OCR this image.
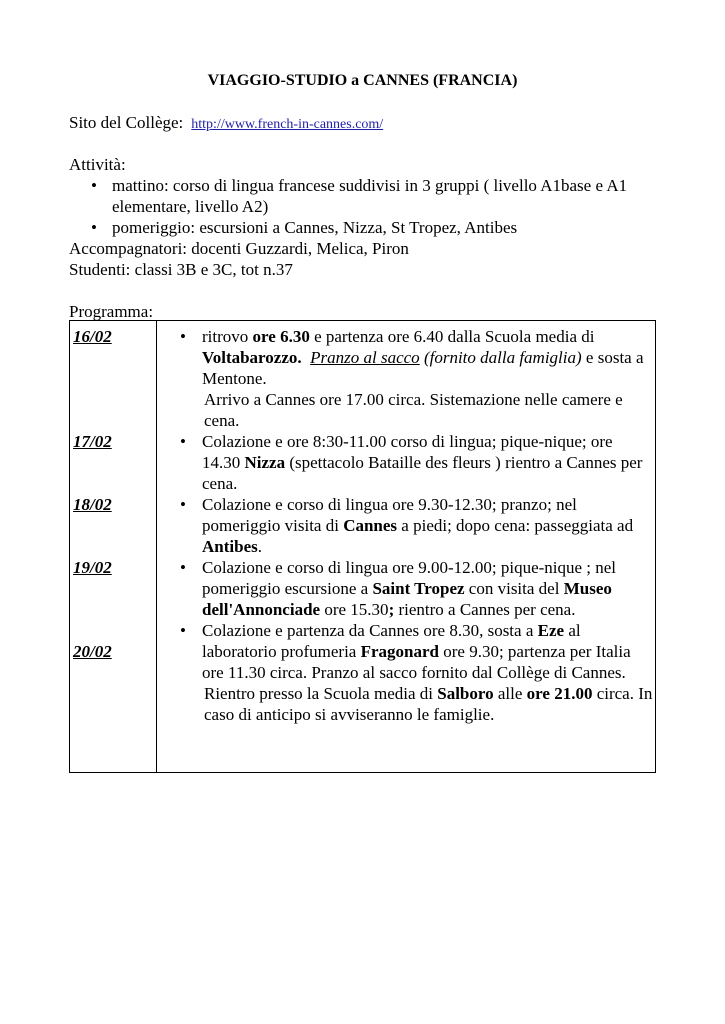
VIAGGIO-STUDIO a CANNES (FRANCIA)
Sito del Collège: http://www.french-in-cannes.com/
Attività:
• mattino: corso di lingua francese suddivisi in 3 gruppi ( livello A1base e A1 elementare, livello A2)
• pomeriggio: escursioni a Cannes, Nizza, St Tropez, Antibes
Accompagnatori: docenti Guzzardi, Melica, Piron
Studenti: classi 3B e 3C, tot n.37
Programma:
16/02
17/02
18/02
19/02
20/02
• ritrovo ore 6.30 e partenza ore 6.40 dalla Scuola media di Voltabarozzo. Pranzo al sacco (fornito dalla famiglia) e sosta a Mentone.
Arrivo a Cannes ore 17.00 circa. Sistemazione nelle camere e cena.
• Colazione e ore 8:30-11.00 corso di lingua; pique-nique; ore 14.30 Nizza (spettacolo Bataille des fleurs ) rientro a Cannes per cena.
• Colazione e corso di lingua ore 9.30-12.30; pranzo; nel pomeriggio visita di Cannes a piedi; dopo cena: passeggiata ad Antibes.
• Colazione e corso di lingua ore 9.00-12.00; pique-nique ; nel pomeriggio escursione a Saint Tropez con visita del Museo dell'Annonciade ore 15.30; rientro a Cannes per cena.
• Colazione e partenza da Cannes ore 8.30, sosta a Eze al laboratorio profumeria Fragonard ore 9.30; partenza per Italia ore 11.30 circa. Pranzo al sacco fornito dal Collège di Cannes.
Rientro presso la Scuola media di Salboro alle ore 21.00 circa. In caso di anticipo si avviseranno le famiglie.
